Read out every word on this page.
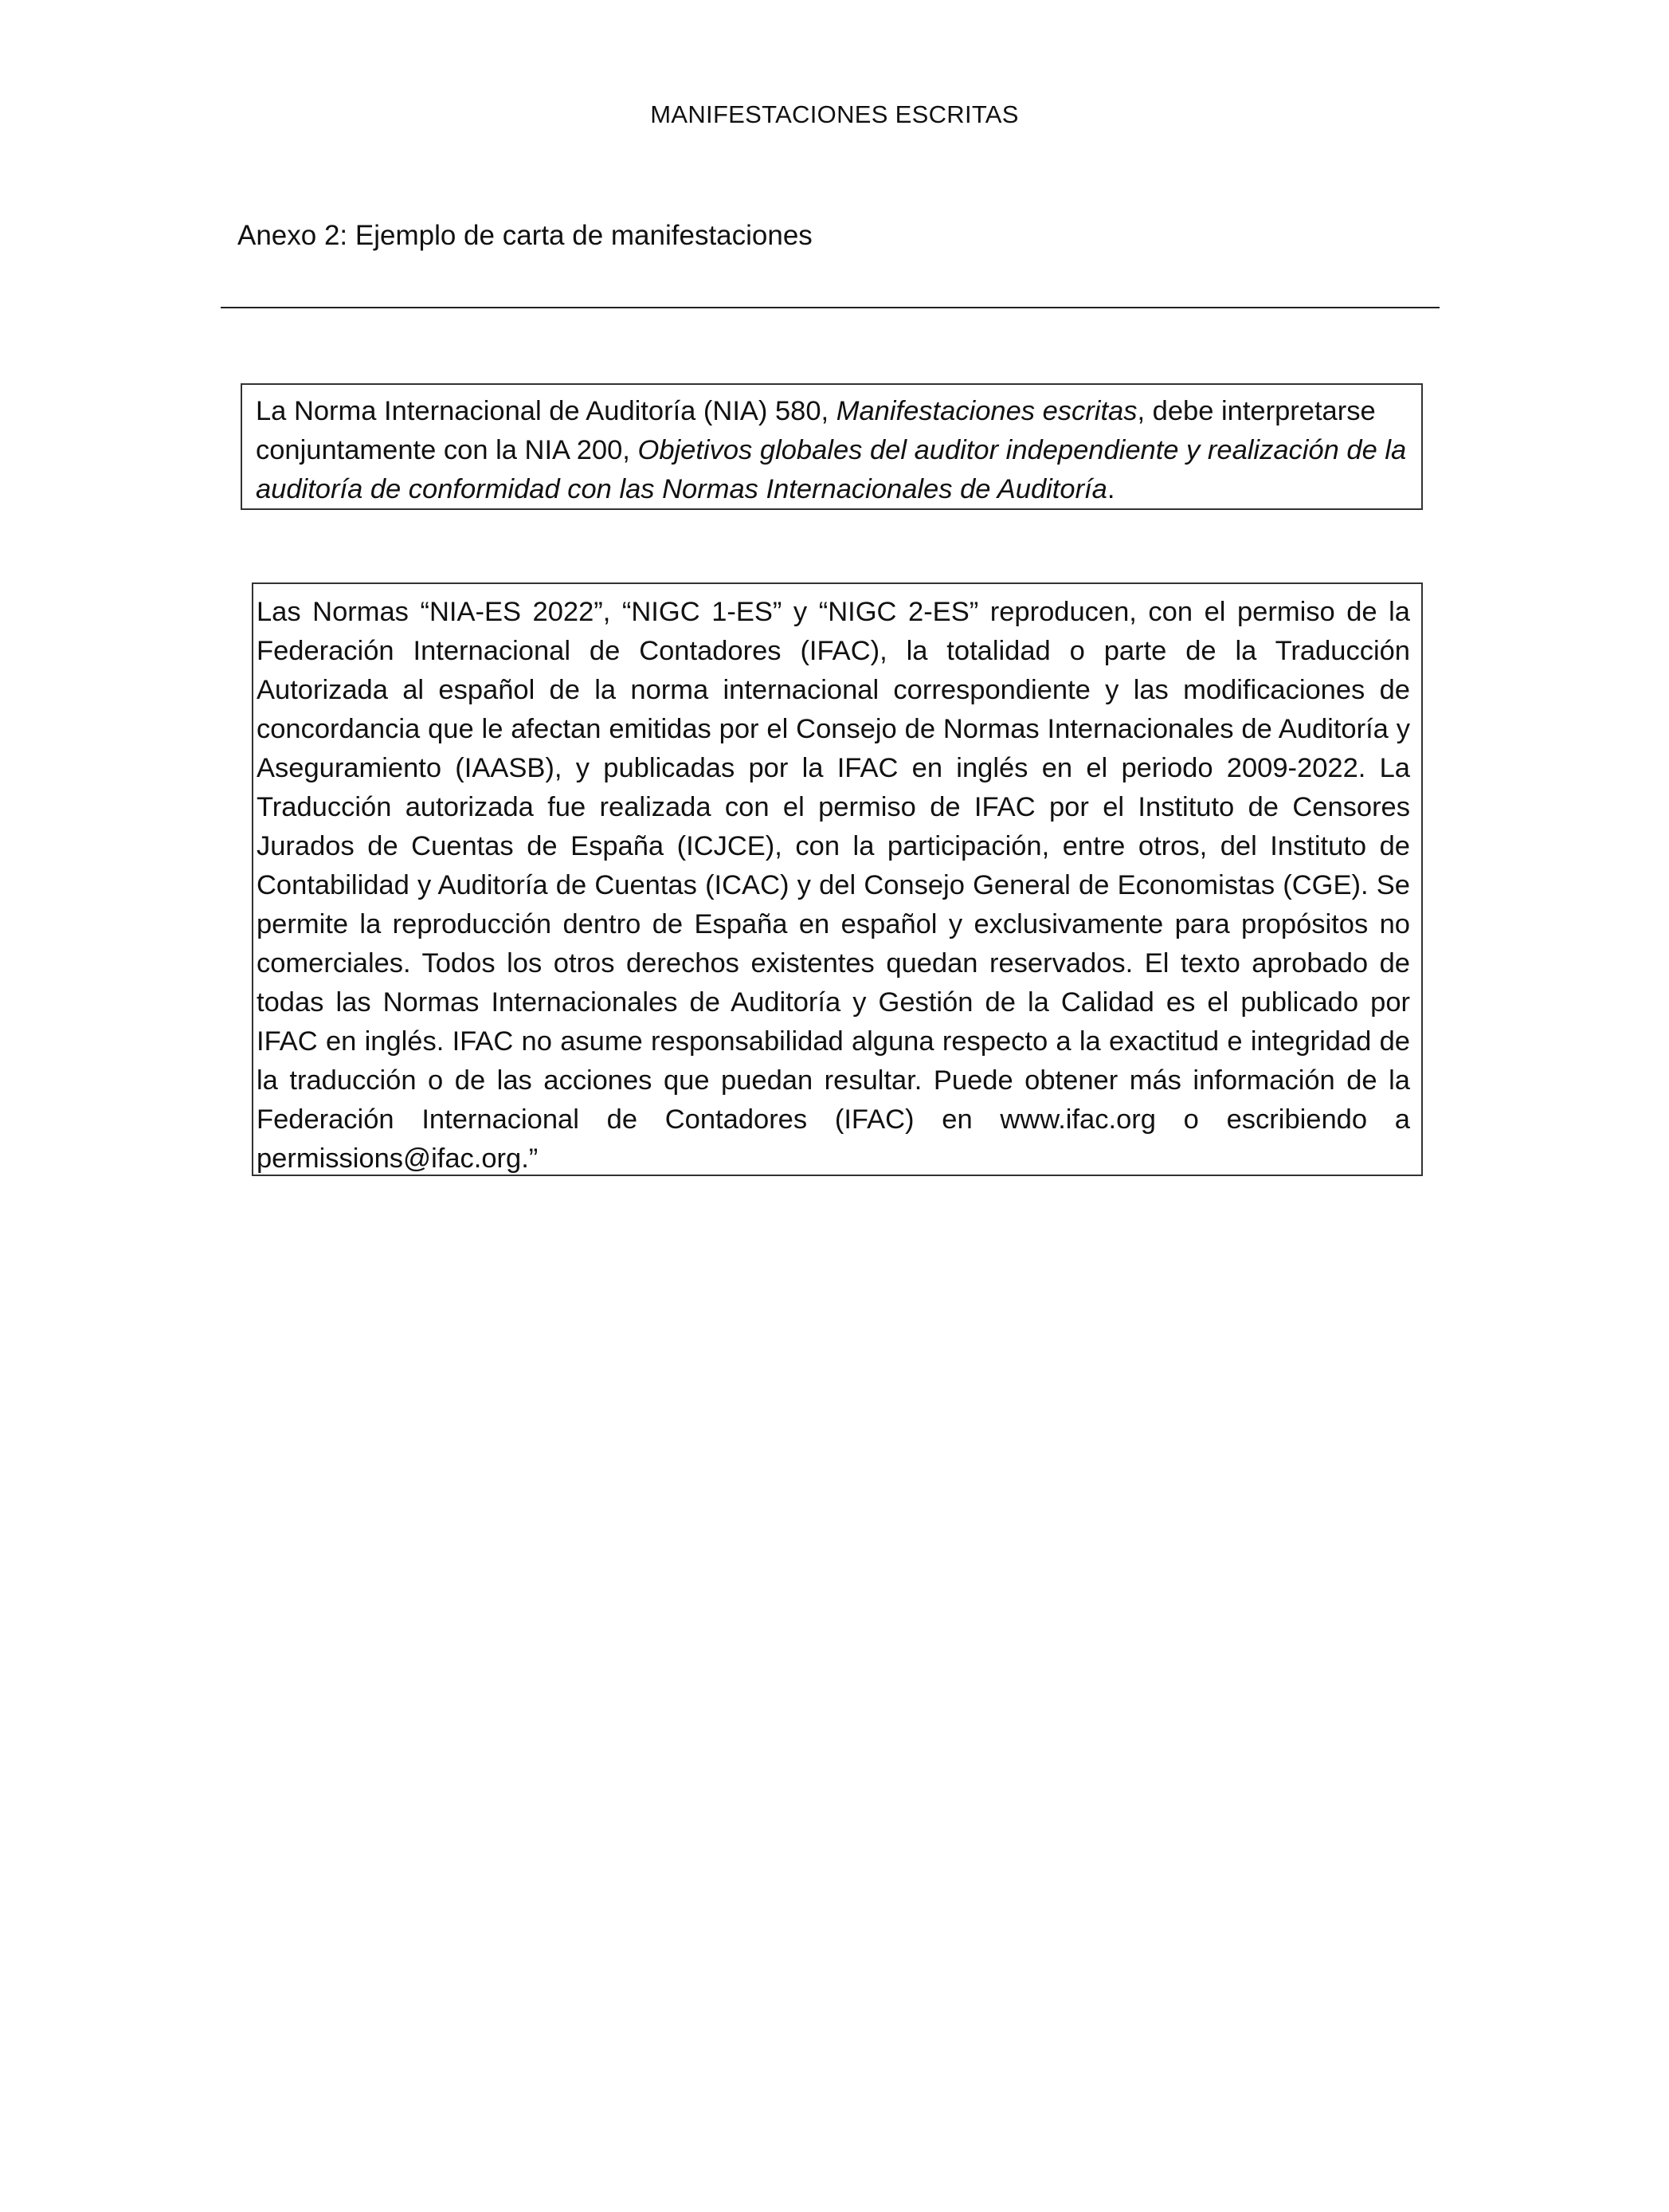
MANIFESTACIONES ESCRITAS
Anexo 2: Ejemplo de carta de manifestaciones

La Norma Internacional de Auditoría (NIA) 580, Manifestaciones escritas, debe interpretarse conjuntamente con la NIA 200, Objetivos globales del auditor independiente y realización de la auditoría de conformidad con las Normas Internacionales de Auditoría.

Las Normas “NIA-ES 2022”, “NIGC 1-ES” y “NIGC 2-ES” reproducen, con el permiso de la Federación Internacional de Contadores (IFAC), la totalidad o parte de la Traducción Autorizada al español de la norma internacional correspondiente y las modificaciones de concordancia que le afectan emitidas por el Consejo de Normas Internacionales de Auditoría y Aseguramiento (IAASB), y publicadas por la IFAC en inglés en el periodo 2009-2022. La Traducción autorizada fue realizada con el permiso de IFAC por el Instituto de Censores Jurados de Cuentas de España (ICJCE), con la participación, entre otros, del Instituto de Contabilidad y Auditoría de Cuentas (ICAC) y del Consejo General de Economistas (CGE). Se permite la reproducción dentro de España en español y exclusivamente para propósitos no comerciales. Todos los otros derechos existentes quedan reservados. El texto aprobado de todas las Normas Internacionales de Auditoría y Gestión de la Calidad es el publicado por IFAC en inglés. IFAC no asume responsabilidad alguna respecto a la exactitud e integridad de la traducción o de las acciones que puedan resultar. Puede obtener más información de la Federación Internacional de Contadores (IFAC) en www.ifac.org o escribiendo a permissions@ifac.org.”
